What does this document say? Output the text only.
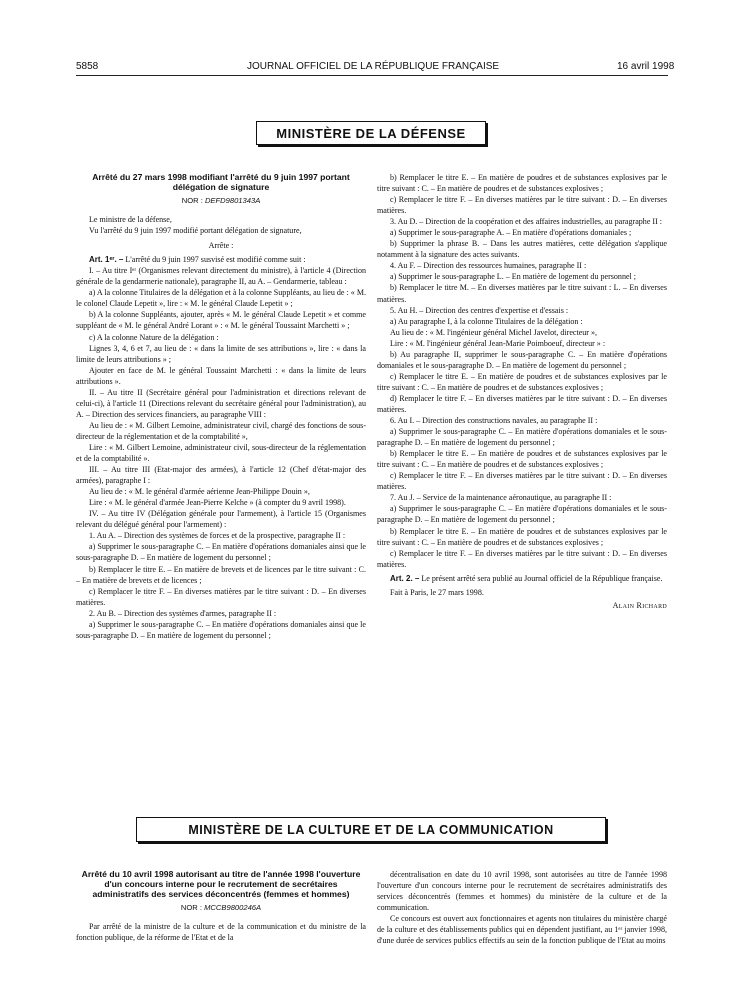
5858	JOURNAL OFFICIEL DE LA RÉPUBLIQUE FRANÇAISE	16 avril 1998
MINISTÈRE DE LA DÉFENSE

Arrêté du 27 mars 1998 modifiant l'arrêté du 9 juin 1997 portant délégation de signature

NOR : DEFD9801343A

Le ministre de la défense,

Vu l'arrêté du 9 juin 1997 modifié portant délégation de signature,

Arrête :

Art. 1ᵉʳ. – L'arrêté du 9 juin 1997 susvisé est modifié comme suit :

I. – Au titre Iᵉʳ (Organismes relevant directement du ministre), à l'article 4 (Direction générale de la gendarmerie nationale), paragraphe II, au A. – Gendarmerie, tableau :

a) A la colonne Titulaires de la délégation et à la colonne Suppléants, au lieu de : « M. le colonel Claude Lepetit », lire : « M. le général Claude Lepetit » ;

b) A la colonne Suppléants, ajouter, après « M. le général Claude Lepetit » et comme suppléant de « M. le général André Lorant » : « M. le général Toussaint Marchetti » ;

c) A la colonne Nature de la délégation :

Lignes 3, 4, 6 et 7, au lieu de : « dans la limite de ses attributions », lire : « dans la limite de leurs attributions » ;

Ajouter en face de M. le général Toussaint Marchetti : « dans la limite de leurs attributions ».

II. – Au titre II (Secrétaire général pour l'administration et directions relevant de celui-ci), à l'article 11 (Directions relevant du secrétaire général pour l'administration), au A. – Direction des services financiers, au paragraphe VIII :

Au lieu de : « M. Gilbert Lemoine, administrateur civil, chargé des fonctions de sous-directeur de la réglementation et de la comptabilité »,

Lire : « M. Gilbert Lemoine, administrateur civil, sous-directeur de la réglementation et de la comptabilité ».

III. – Au titre III (Etat-major des armées), à l'article 12 (Chef d'état-major des armées), paragraphe I :

Au lieu de : « M. le général d'armée aérienne Jean-Philippe Douin »,

Lire : « M. le général d'armée Jean-Pierre Kelche » (à compter du 9 avril 1998).

IV. – Au titre IV (Délégation générale pour l'armement), à l'article 15 (Organismes relevant du délégué général pour l'armement) :

1. Au A. – Direction des systèmes de forces et de la prospective, paragraphe II :

a) Supprimer le sous-paragraphe C. – En matière d'opérations domaniales ainsi que le sous-paragraphe D. – En matière de logement du personnel ;

b) Remplacer le titre E. – En matière de brevets et de licences par le titre suivant : C. – En matière de brevets et de licences ;

c) Remplacer le titre F. – En diverses matières par le titre suivant : D. – En diverses matières.

2. Au B. – Direction des systèmes d'armes, paragraphe II :

a) Supprimer le sous-paragraphe C. – En matière d'opérations domaniales ainsi que le sous-paragraphe D. – En matière de logement du personnel ;

b) Remplacer le titre E. – En matière de poudres et de substances explosives par le titre suivant : C. – En matière de poudres et de substances explosives ;

c) Remplacer le titre F. – En diverses matières par le titre suivant : D. – En diverses matières.

3. Au D. – Direction de la coopération et des affaires industrielles, au paragraphe II :

a) Supprimer le sous-paragraphe A. – En matière d'opérations domaniales ;

b) Supprimer la phrase B. – Dans les autres matières, cette délégation s'applique notamment à la signature des actes suivants.

4. Au F. – Direction des ressources humaines, paragraphe II :

a) Supprimer le sous-paragraphe L. – En matière de logement du personnel ;

b) Remplacer le titre M. – En diverses matières par le titre suivant : L. – En diverses matières.

5. Au H. – Direction des centres d'expertise et d'essais :

a) Au paragraphe I, à la colonne Titulaires de la délégation :

Au lieu de : « M. l'ingénieur général Michel Javelot, directeur »,

Lire : « M. l'ingénieur général Jean-Marie Poimboeuf, directeur » :

b) Au paragraphe II, supprimer le sous-paragraphe C. – En matière d'opérations domaniales et le sous-paragraphe D. – En matière de logement du personnel ;

c) Remplacer le titre E. – En matière de poudres et de substances explosives par le titre suivant : C. – En matière de poudres et de substances explosives ;

d) Remplacer le titre F. – En diverses matières par le titre suivant : D. – En diverses matières.

6. Au I. – Direction des constructions navales, au paragraphe II :

a) Supprimer le sous-paragraphe C. – En matière d'opérations domaniales et le sous-paragraphe D. – En matière de logement du personnel ;

b) Remplacer le titre E. – En matière de poudres et de substances explosives par le titre suivant : C. – En matière de poudres et de substances explosives ;

c) Remplacer le titre F. – En diverses matières par le titre suivant : D. – En diverses matières.

7. Au J. – Service de la maintenance aéronautique, au paragraphe II :

a) Supprimer le sous-paragraphe C. – En matière d'opérations domaniales et le sous-paragraphe D. – En matière de logement du personnel ;

b) Remplacer le titre E. – En matière de poudres et de substances explosives par le titre suivant : C. – En matière de poudres et de substances explosives ;

c) Remplacer le titre F. – En diverses matières par le titre suivant : D. – En diverses matières.

Art. 2. – Le présent arrêté sera publié au Journal officiel de la République française.

Fait à Paris, le 27 mars 1998.

Alain Richard

MINISTÈRE DE LA CULTURE ET DE LA COMMUNICATION

Arrêté du 10 avril 1998 autorisant au titre de l'année 1998 l'ouverture d'un concours interne pour le recrutement de secrétaires administratifs des services déconcentrés (femmes et hommes)

NOR : MCCB9800246A

Par arrêté de la ministre de la culture et de la communication et du ministre de la fonction publique, de la réforme de l'Etat et de la

décentralisation en date du 10 avril 1998, sont autorisées au titre de l'année 1998 l'ouverture d'un concours interne pour le recrutement de secrétaires administratifs des services déconcentrés (femmes et hommes) du ministère de la culture et de la communication.

Ce concours est ouvert aux fonctionnaires et agents non titulaires du ministère chargé de la culture et des établissements publics qui en dépendent justifiant, au 1ᵉʳ janvier 1998, d'une durée de services publics effectifs au sein de la fonction publique de l'Etat au moins
